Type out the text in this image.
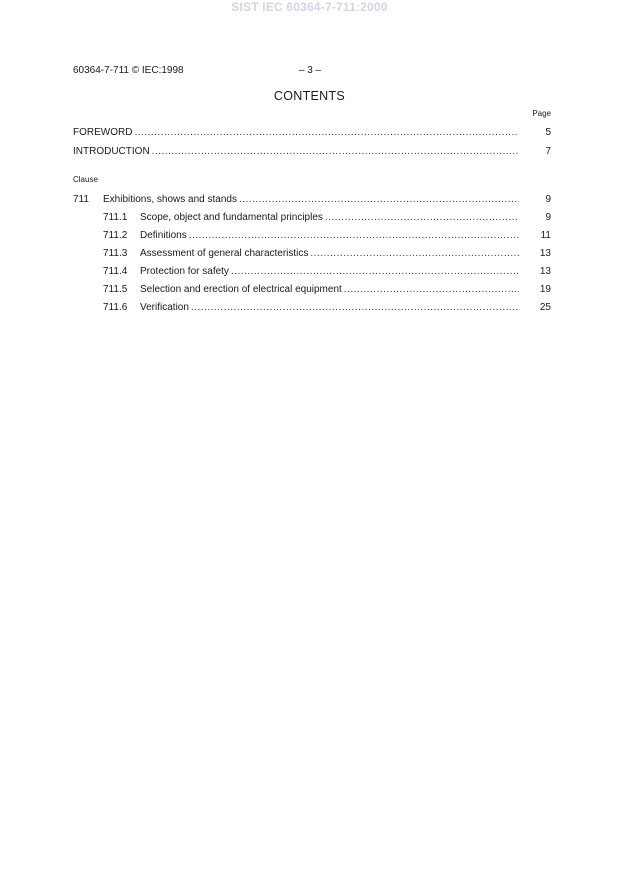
SIST IEC 60364-7-711:2000
60364-7-711 © IEC:1998	– 3 –
CONTENTS
Page
FOREWORD .....	5
INTRODUCTION .....	7
Clause
711	Exhibitions, shows and stands .....	9
711.1	Scope, object and fundamental principles .....	9
711.2	Definitions .....	11
711.3	Assessment of general characteristics .....	13
711.4	Protection for safety .....	13
711.5	Selection and erection of electrical equipment .....	19
711.6	Verification .....	25
